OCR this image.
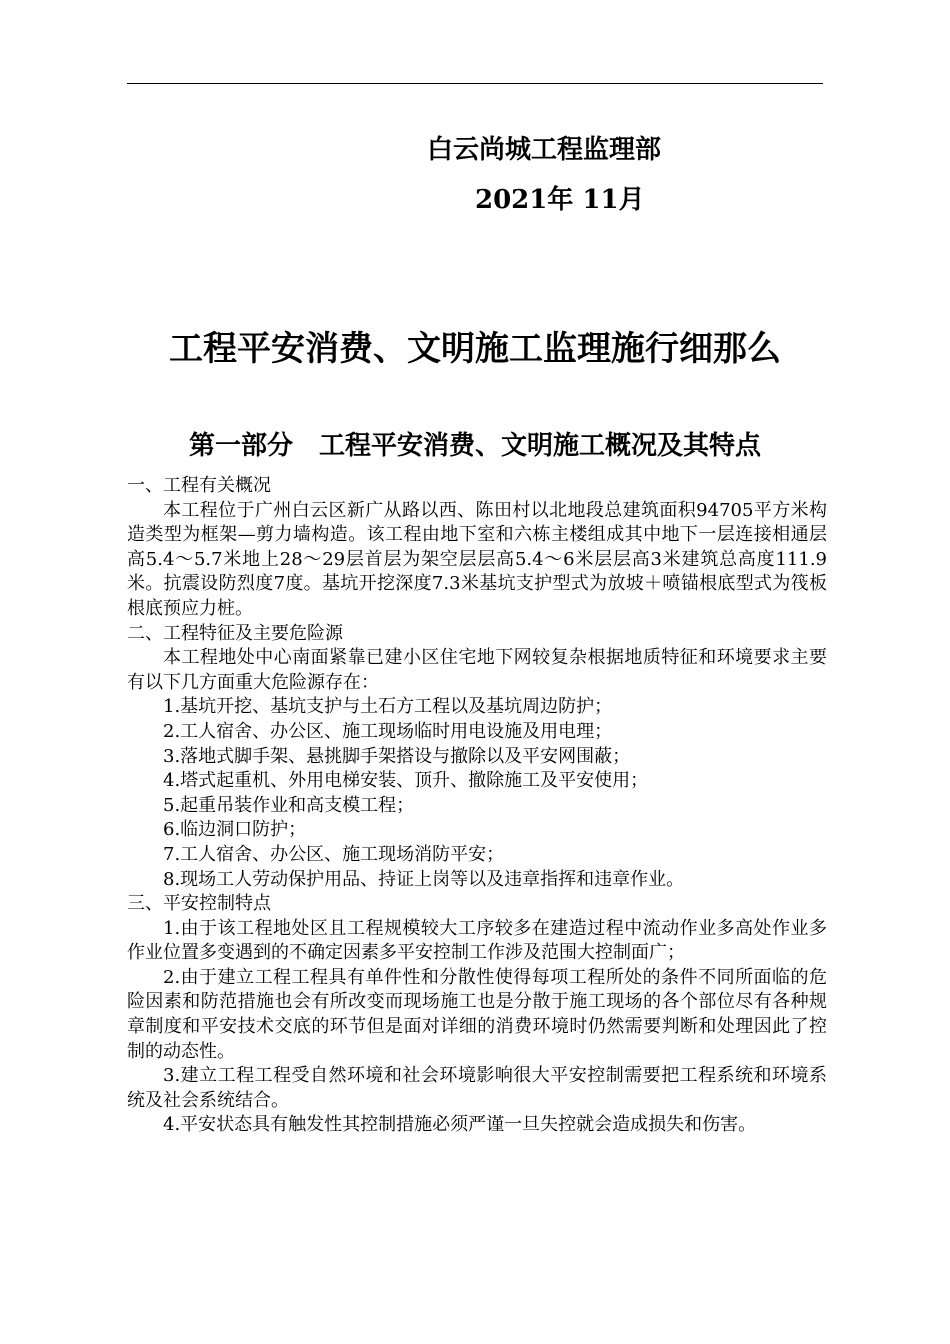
白云尚城工程监理部
2021年 11月
工程平安消费、文明施工监理施行细那么
第一部分　工程平安消费、文明施工概况及其特点

一、工程有关概况

本工程位于广州白云区新广从路以西、陈田村以北地段总建筑面积94705平方米构造类型为框架—剪力墙构造。该工程由地下室和六栋主楼组成其中地下一层连接相通层高5.4～5.7米地上28～29层首层为架空层层高5.4～6米层层高3米建筑总高度111.9米。抗震设防烈度7度。基坑开挖深度7.3米基坑支护型式为放坡＋喷锚根底型式为筏板根底预应力桩。

二、工程特征及主要危险源

本工程地处中心南面紧靠已建小区住宅地下网较复杂根据地质特征和环境要求主要有以下几方面重大危险源存在：

1.基坑开挖、基坑支护与土石方工程以及基坑周边防护；

2.工人宿舍、办公区、施工现场临时用电设施及用电理；

3.落地式脚手架、悬挑脚手架搭设与撤除以及平安网围蔽；

4.塔式起重机、外用电梯安装、顶升、撤除施工及平安使用；

5.起重吊装作业和高支模工程；

6.临边洞口防护；

7.工人宿舍、办公区、施工现场消防平安；

8.现场工人劳动保护用品、持证上岗等以及违章指挥和违章作业。

三、平安控制特点

1.由于该工程地处区且工程规模较大工序较多在建造过程中流动作业多高处作业多作业位置多变遇到的不确定因素多平安控制工作涉及范围大控制面广；

2.由于建立工程工程具有单件性和分散性使得每项工程所处的条件不同所面临的危险因素和防范措施也会有所改变而现场施工也是分散于施工现场的各个部位尽有各种规章制度和平安技术交底的环节但是面对详细的消费环境时仍然需要判断和处理因此了控制的动态性。

3.建立工程工程受自然环境和社会环境影响很大平安控制需要把工程系统和环境系统及社会系统结合。

4.平安状态具有触发性其控制措施必须严谨一旦失控就会造成损失和伤害。
